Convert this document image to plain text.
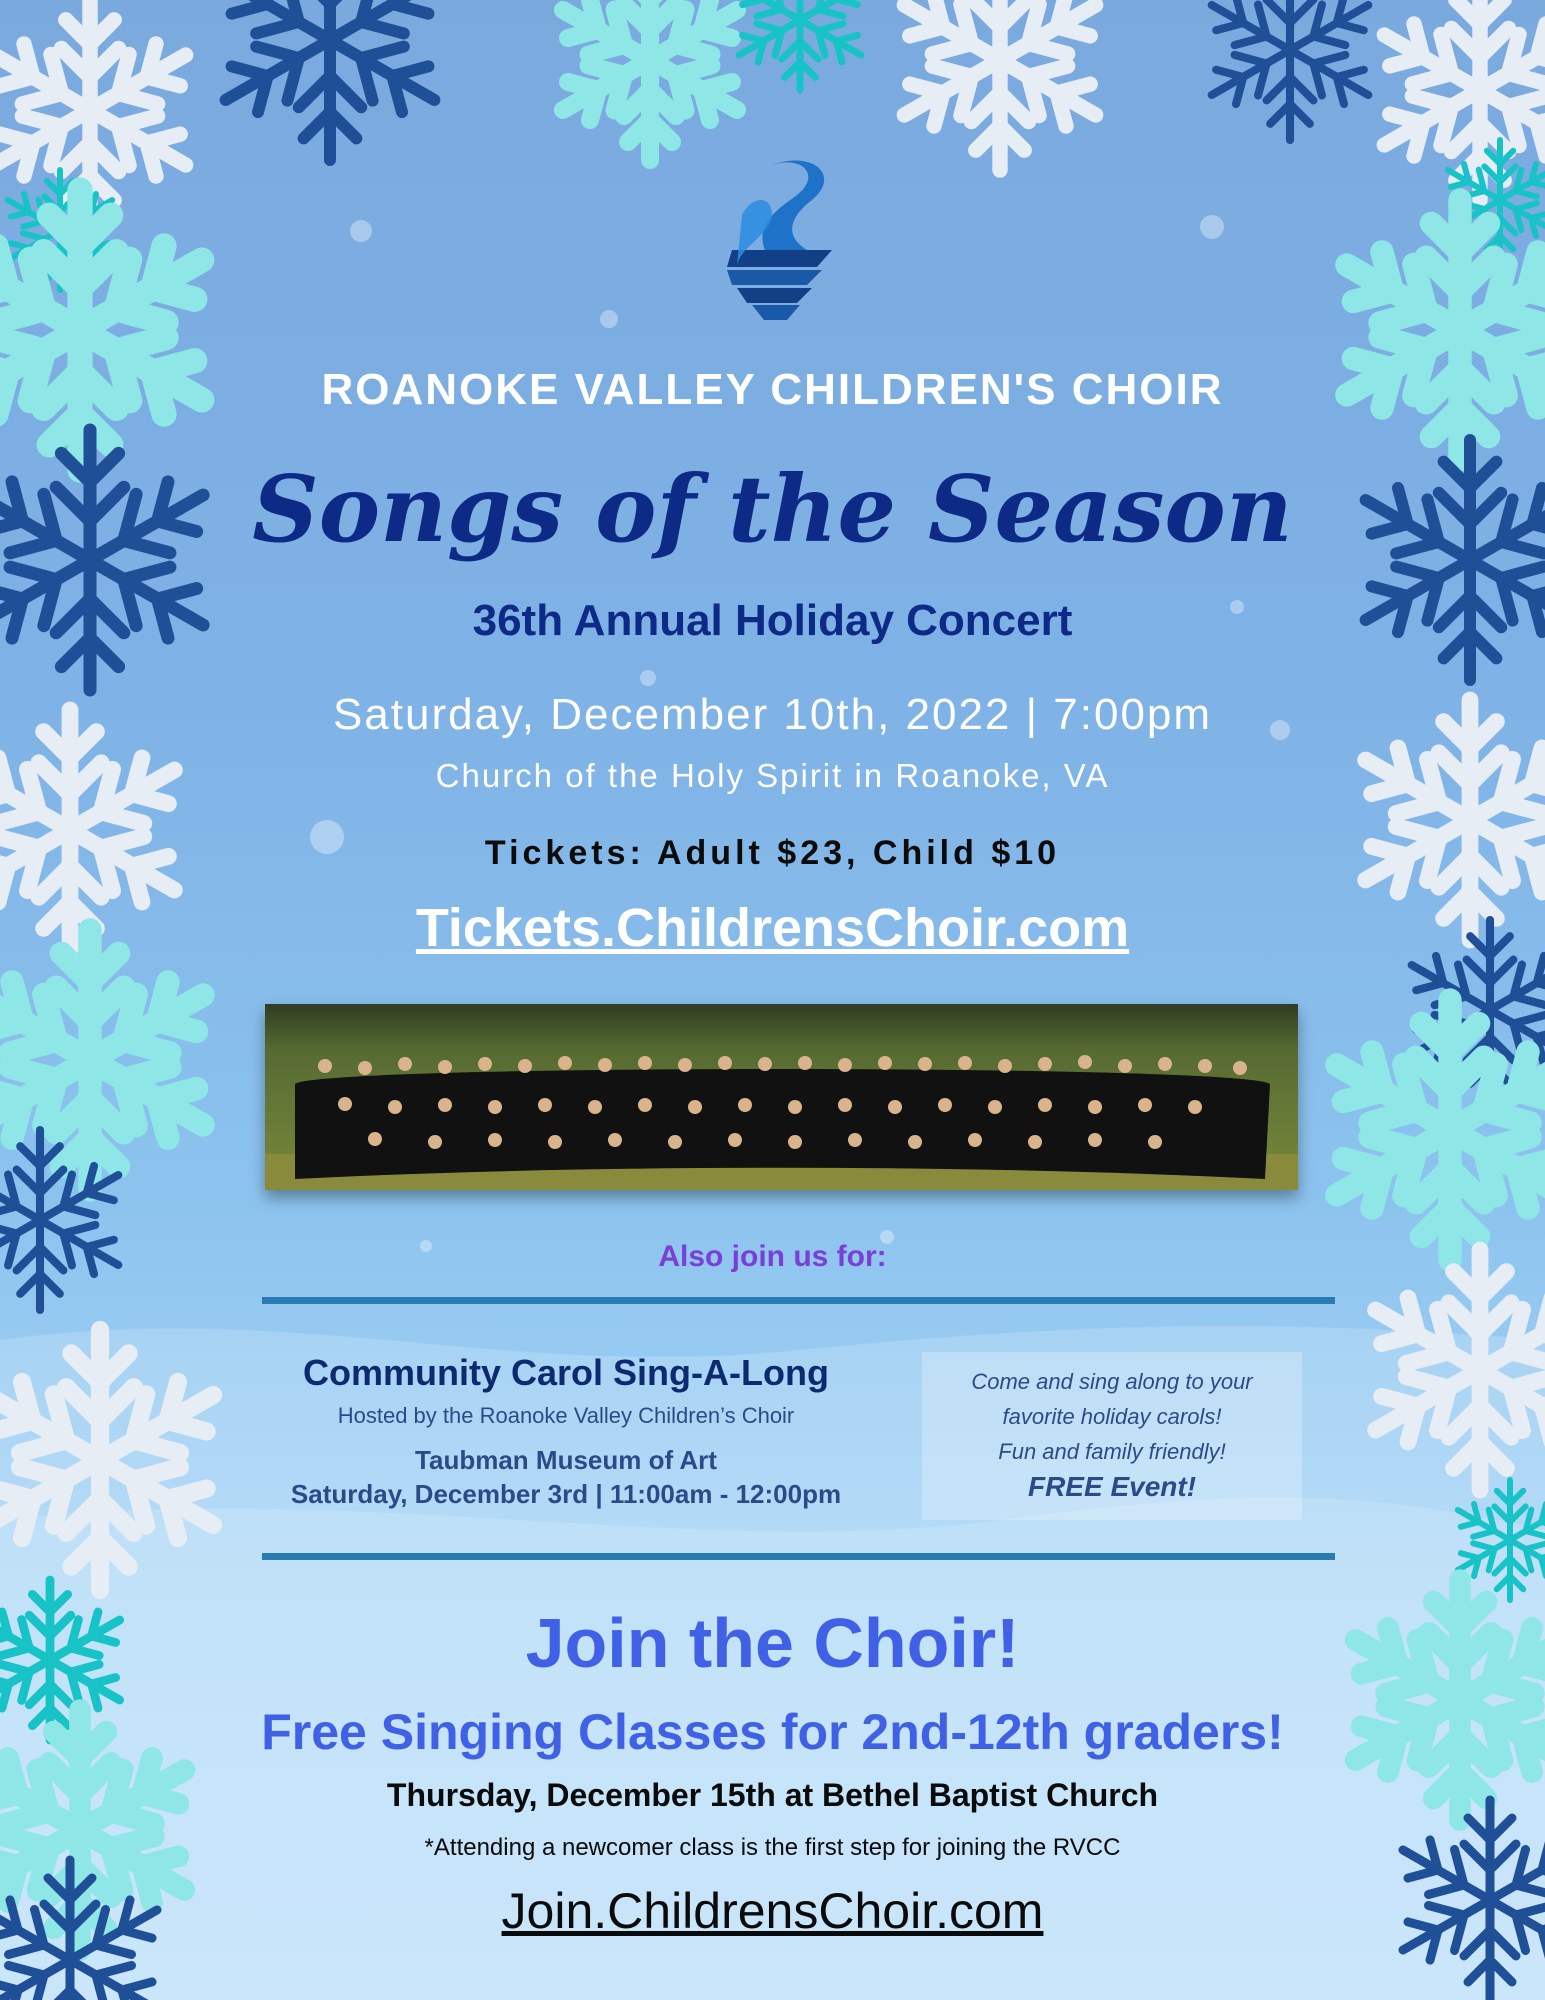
ROANOKE VALLEY CHILDREN'S CHOIR
Songs of the Season
36th Annual Holiday Concert
Saturday, December 10th, 2022 | 7:00pm
Church of the Holy Spirit in Roanoke, VA
Tickets: Adult $23, Child $10
Tickets.ChildrensChoir.com
Also join us for:
Community Carol Sing-A-Long
Hosted by the Roanoke Valley Children’s Choir
Taubman Museum of Art
Saturday, December 3rd | 11:00am - 12:00pm
Come and sing along to your
favorite holiday carols!
Fun and family friendly!
FREE Event!
Join the Choir!
Free Singing Classes for 2nd-12th graders!
Thursday, December 15th at Bethel Baptist Church
*Attending a newcomer class is the first step for joining the RVCC
Join.ChildrensChoir.com
